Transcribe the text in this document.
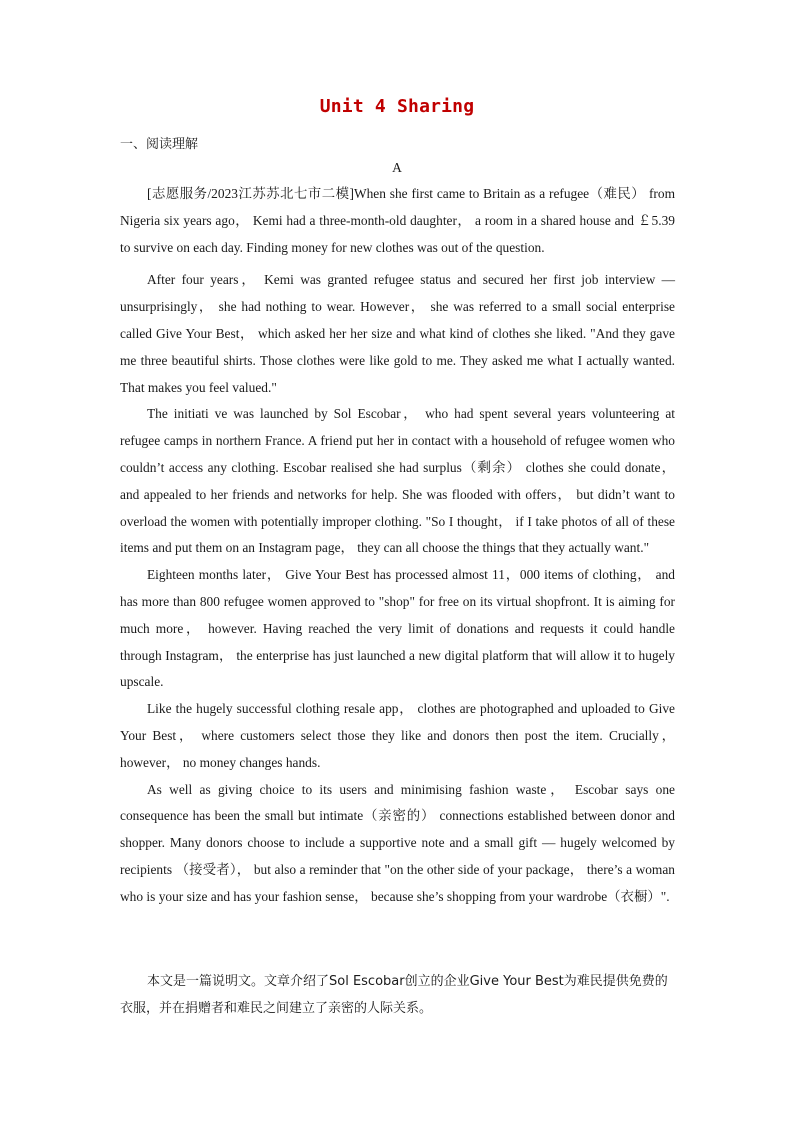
Unit 4 Sharing
一、阅读理解
A

[志愿服务/2023江苏苏北七市二模]When she first came to Britain as a refugee（难民） from Nigeria six years ago， Kemi had a three-month-old daughter， a room in a shared house and ￡5.39 to survive on each day. Finding money for new clothes was out of the question.

After four years， Kemi was granted refugee status and secured her first job interview — unsurprisingly， she had nothing to wear. However， she was referred to a small social enterprise called Give Your Best， which asked her her size and what kind of clothes she liked. "And they gave me three beautiful shirts. Those clothes were like gold to me. They asked me what I actually wanted. That makes you feel valued."

The initiati ve was launched by Sol Escobar， who had spent several years volunteering at refugee camps in northern France. A friend put her in contact with a household of refugee women who couldn’t access any clothing. Escobar realised she had surplus（剩余） clothes she could donate， and appealed to her friends and networks for help. She was flooded with offers， but didn’t want to overload the women with potentially improper clothing. "So I thought， if I take photos of all of these items and put them on an Instagram page， they can all choose the things that they actually want."

Eighteen months later， Give Your Best has processed almost 11，000 items of clothing， and has more than 800 refugee women approved to "shop" for free on its virtual shopfront. It is aiming for much more， however. Having reached the very limit of donations and requests it could handle through Instagram， the enterprise has just launched a new digital platform that will allow it to hugely upscale.

Like the hugely successful clothing resale app， clothes are photographed and uploaded to Give Your Best， where customers select those they like and donors then post the item. Crucially， however， no money changes hands.

As well as giving choice to its users and minimising fashion waste， Escobar says one consequence has been the small but intimate（亲密的） connections established between donor and shopper. Many donors choose to include a supportive note and a small gift — hugely welcomed by recipients （接受者）， but also a reminder that "on the other side of your package， there’s a woman who is your size and has your fashion sense， because she’s shopping from your wardrobe（衣橱）".

本文是一篇说明文。文章介绍了Sol Escobar创立的企业Give Your Best为难民提供免费的衣服，并在捐赠者和难民之间建立了亲密的人际关系。
